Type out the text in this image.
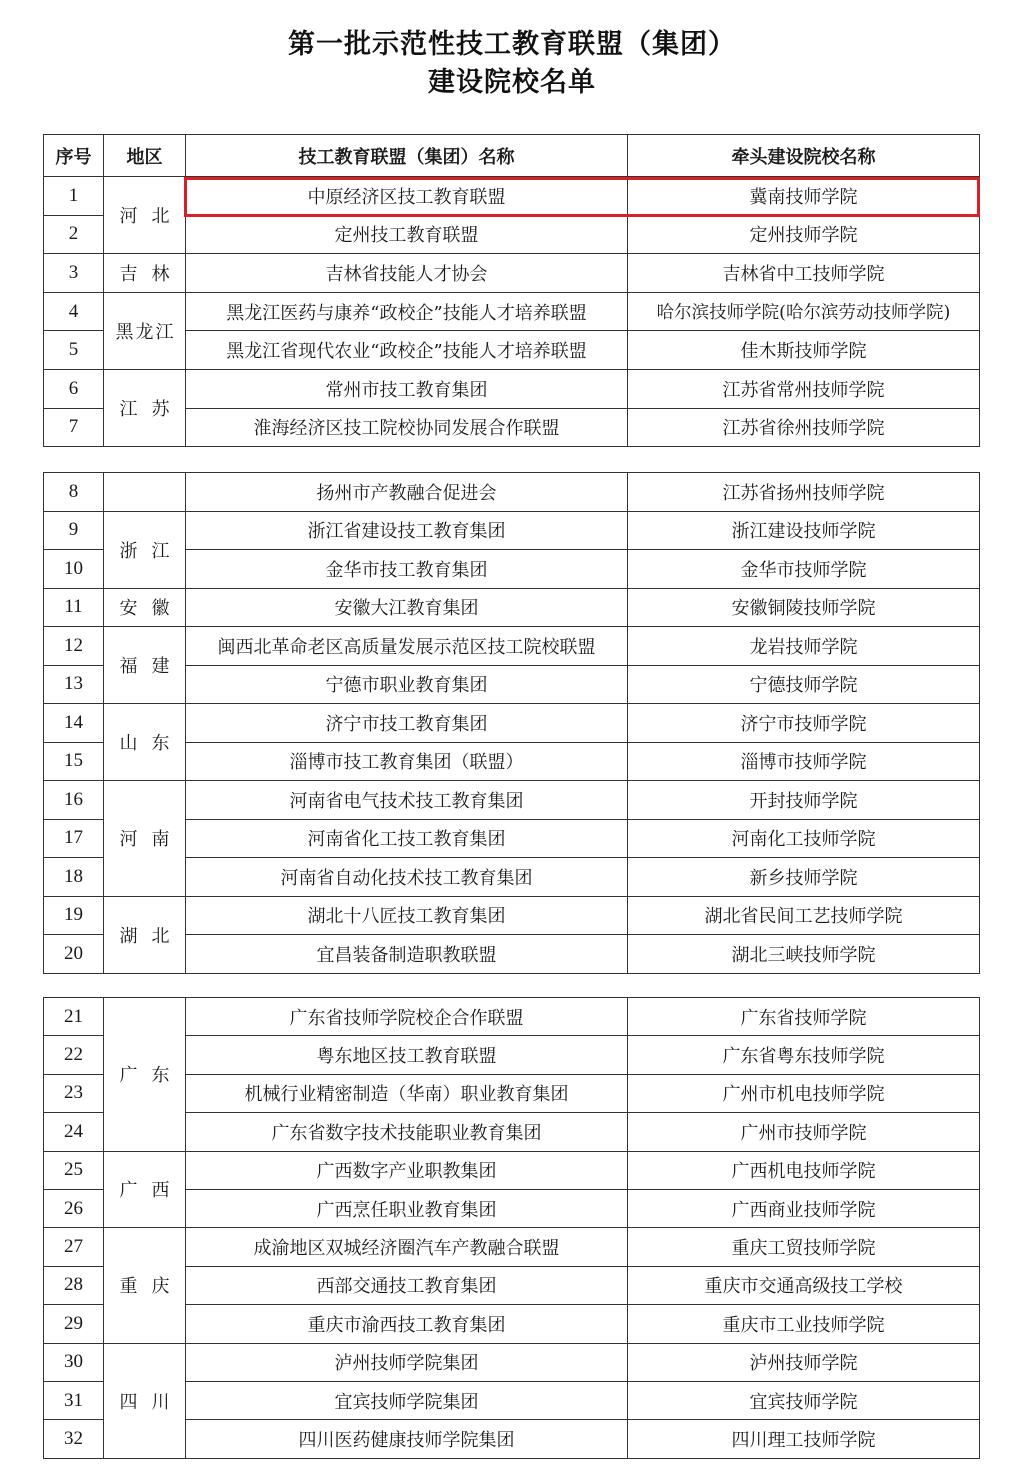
第一批示范性技工教育联盟（集团）
建设院校名单
序号	地区	技工教育联盟（集团）名称	牵头建设院校名称
1	河北	中原经济区技工教育联盟	冀南技师学院
2		定州技工教育联盟	定州技师学院
3	吉林	吉林省技能人才协会	吉林省中工技师学院
4	黑龙江	黑龙江医药与康养“政校企”技能人才培养联盟	哈尔滨技师学院(哈尔滨劳动技师学院)
5		黑龙江省现代农业“政校企”技能人才培养联盟	佳木斯技师学院
6	江苏	常州市技工教育集团	江苏省常州技师学院
7		淮海经济区技工院校协同发展合作联盟	江苏省徐州技师学院
8		扬州市产教融合促进会	江苏省扬州技师学院
9	浙江	浙江省建设技工教育集团	浙江建设技师学院
10		金华市技工教育集团	金华市技师学院
11	安徽	安徽大江教育集团	安徽铜陵技师学院
12	福建	闽西北革命老区高质量发展示范区技工院校联盟	龙岩技师学院
13		宁德市职业教育集团	宁德技师学院
14	山东	济宁市技工教育集团	济宁市技师学院
15		淄博市技工教育集团（联盟）	淄博市技师学院
16	河南	河南省电气技术技工教育集团	开封技师学院
17		河南省化工技工教育集团	河南化工技师学院
18		河南省自动化技术技工教育集团	新乡技师学院
19	湖北	湖北十八匠技工教育集团	湖北省民间工艺技师学院
20		宜昌装备制造职教联盟	湖北三峡技师学院
21	广东	广东省技师学院校企合作联盟	广东省技师学院
22		粤东地区技工教育联盟	广东省粤东技师学院
23		机械行业精密制造（华南）职业教育集团	广州市机电技师学院
24		广东省数字技术技能职业教育集团	广州市技师学院
25	广西	广西数字产业职教集团	广西机电技师学院
26		广西烹任职业教育集团	广西商业技师学院
27	重庆	成渝地区双城经济圈汽车产教融合联盟	重庆工贸技师学院
28		西部交通技工教育集团	重庆市交通高级技工学校
29		重庆市渝西技工教育集团	重庆市工业技师学院
30	四川	泸州技师学院集团	泸州技师学院
31		宜宾技师学院集团	宜宾技师学院
32		四川医药健康技师学院集团	四川理工技师学院
